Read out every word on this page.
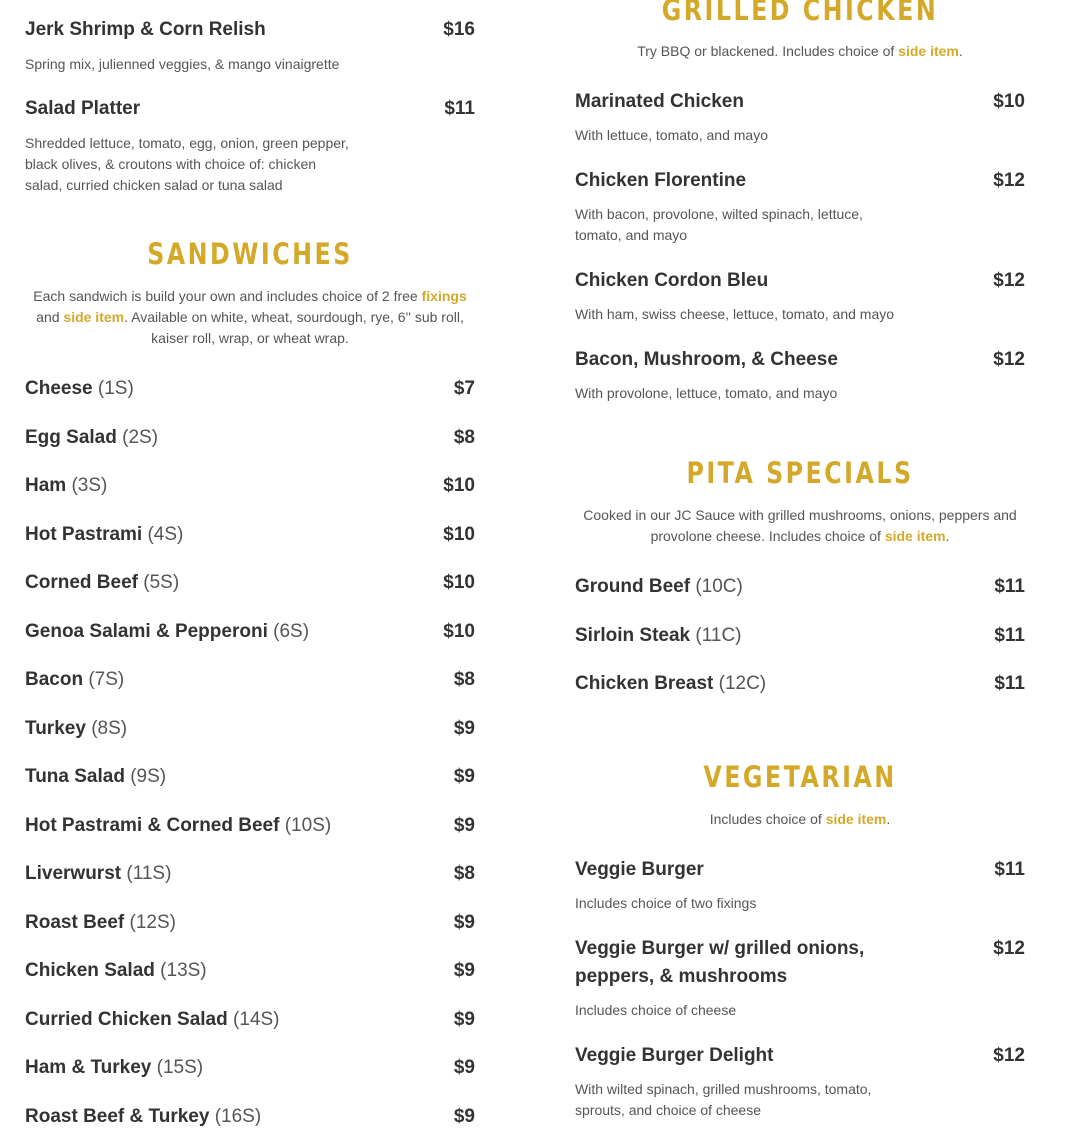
Jerk Shrimp & Corn Relish	$16

Spring mix, julienned veggies, & mango vinaigrette

Salad Platter	$11

Shredded lettuce, tomato, egg, onion, green pepper, black olives, & croutons with choice of: chicken salad, curried chicken salad or tuna salad

SANDWICHES

Each sandwich is build your own and includes choice of 2 free fixings and side item. Available on white, wheat, sourdough, rye, 6'' sub roll, kaiser roll, wrap, or wheat wrap.

Cheese (1S)	$7
Egg Salad (2S)	$8
Ham (3S)	$10
Hot Pastrami (4S)	$10
Corned Beef (5S)	$10
Genoa Salami & Pepperoni (6S)	$10
Bacon (7S)	$8
Turkey (8S)	$9
Tuna Salad (9S)	$9
Hot Pastrami & Corned Beef (10S)	$9
Liverwurst (11S)	$8
Roast Beef (12S)	$9
Chicken Salad (13S)	$9
Curried Chicken Salad (14S)	$9
Ham & Turkey (15S)	$9
Roast Beef & Turkey (16S)	$9
GRILLED CHICKEN

Try BBQ or blackened. Includes choice of side item.

Marinated Chicken	$10

With lettuce, tomato, and mayo

Chicken Florentine	$12

With bacon, provolone, wilted spinach, lettuce, tomato, and mayo

Chicken Cordon Bleu	$12

With ham, swiss cheese, lettuce, tomato, and mayo

Bacon, Mushroom, & Cheese	$12

With provolone, lettuce, tomato, and mayo

PITA SPECIALS

Cooked in our JC Sauce with grilled mushrooms, onions, peppers and provolone cheese. Includes choice of side item.

Ground Beef (10C)	$11
Sirloin Steak (11C)	$11
Chicken Breast (12C)	$11
VEGETARIAN

Includes choice of side item.

Veggie Burger	$11

Includes choice of two fixings

Veggie Burger w/ grilled onions, peppers, & mushrooms
$12

Includes choice of cheese

Veggie Burger Delight	$12

With wilted spinach, grilled mushrooms, tomato, sprouts, and choice of cheese
